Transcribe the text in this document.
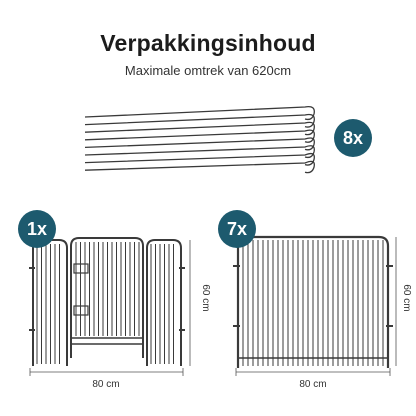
Verpakkingsinhoud
Maximale omtrek van 620cm
80 cm
60 cm
80 cm
60 cm
8x
1x	7x
